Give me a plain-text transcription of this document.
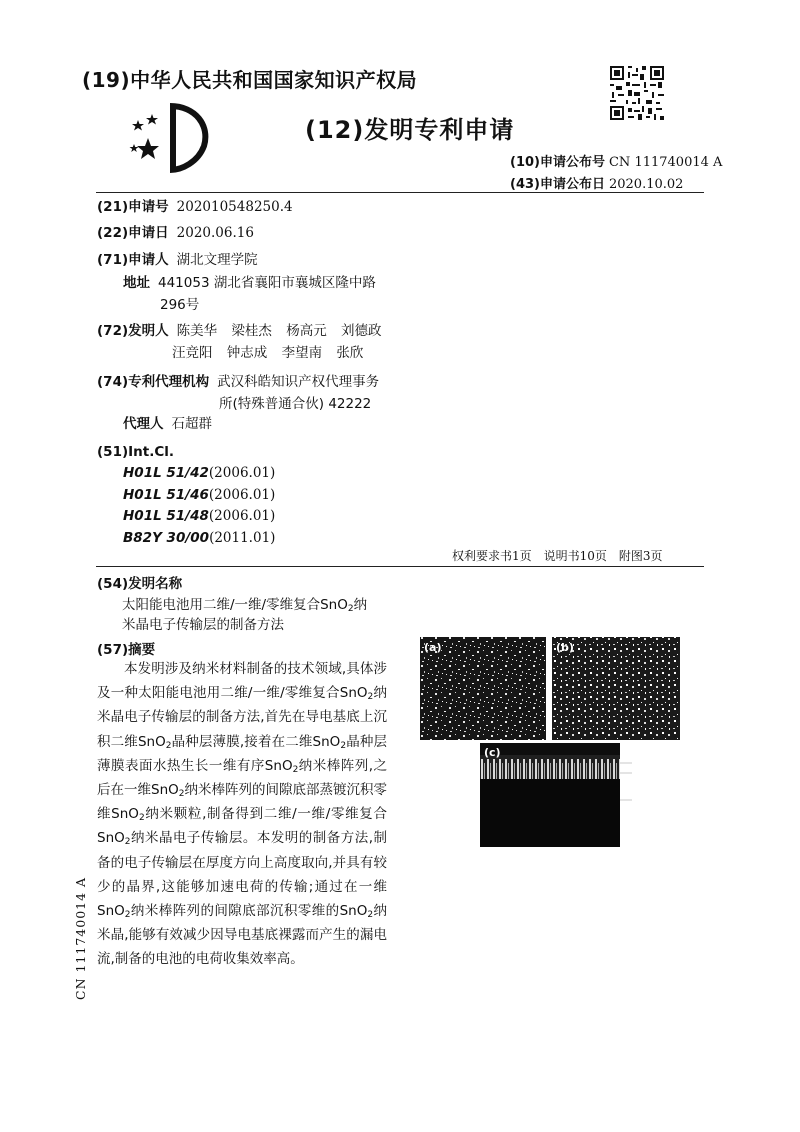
(19)中华人民共和国国家知识产权局
(12)发明专利申请
(10)申请公布号 CN 111740014 A
(43)申请公布日 2020.10.02
(21)申请号 202010548250.4
(22)申请日 2020.06.16
(71)申请人 湖北文理学院
地址 441053 湖北省襄阳市襄城区隆中路
296号
(72)发明人 陈美华 梁桂杰 杨高元 刘德政
汪竞阳 钟志成 李望南 张欣
(74)专利代理机构 武汉科皓知识产权代理事务
所(特殊普通合伙) 42222
代理人 石超群
(51)Int.Cl.
H01L 51/42(2006.01)
H01L 51/46(2006.01)
H01L 51/48(2006.01)
B82Y 30/00(2011.01)
权利要求书1页 说明书10页 附图3页
(54)发明名称
太阳能电池用二维/一维/零维复合SnO$_2$纳
米晶电子传输层的制备方法
(57)摘要
本发明涉及纳米材料制备的技术领域,具体涉及一种太阳能电池用二维/一维/零维复合SnO$_2$纳米晶电子传输层的制备方法,首先在导电基底上沉积二维SnO$_2$晶种层薄膜,接着在二维SnO$_2$晶种层薄膜表面水热生长一维有序SnO$_2$纳米棒阵列,之后在一维SnO$_2$纳米棒阵列的间隙底部蒸镀沉积零维SnO$_2$纳米颗粒,制备得到二维/一维/零维复合SnO$_2$纳米晶电子传输层。本发明的制备方法,制备的电子传输层在厚度方向上高度取向,并具有较少的晶界,这能够加速电荷的传输;通过在一维SnO$_2$纳米棒阵列的间隙底部沉积零维的SnO$_2$纳米晶,能够有效减少因导电基底裸露而产生的漏电流,制备的电池的电荷收集效率高。
(a)	(b)
(c)
CN 111740014 A
